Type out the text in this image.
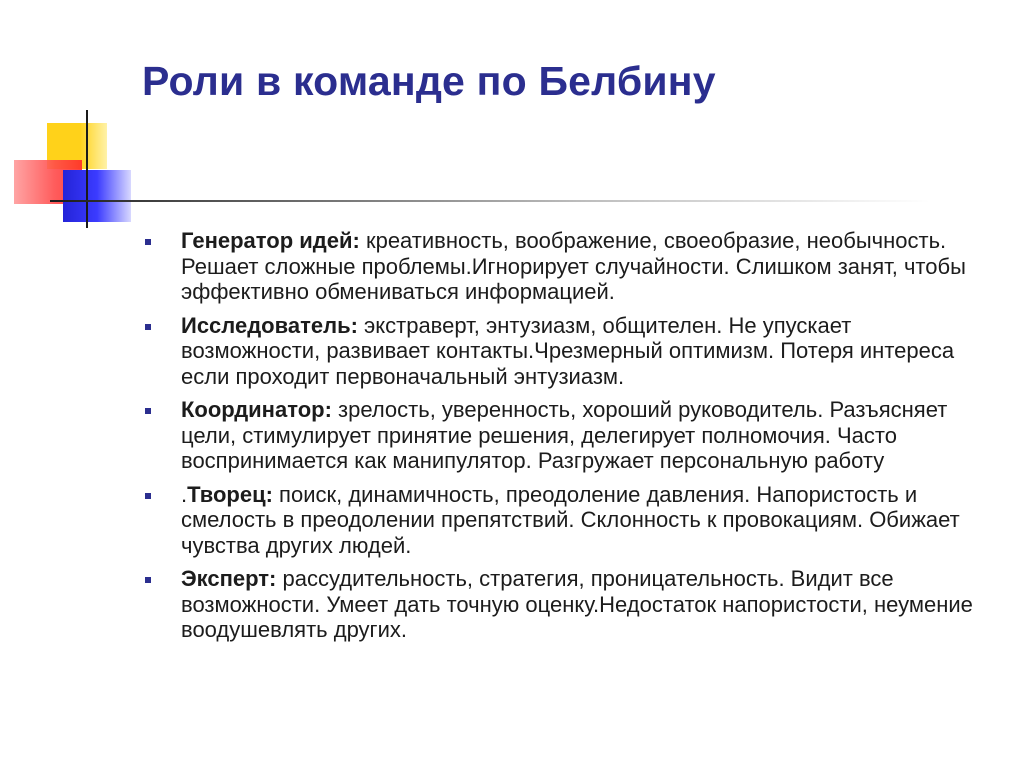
Роли в команде по Белбину
Генератор идей: креативность, воображение, своеобразие, необычность. Решает сложные проблемы.Игнорирует случайности. Слишком занят, чтобы эффективно обмениваться информацией.
Исследователь: экстраверт, энтузиазм, общителен. Не упускает возможности, развивает контакты.Чрезмерный оптимизм. Потеря интереса если проходит первоначальный энтузиазм.
Координатор: зрелость, уверенность, хороший руководитель. Разъясняет цели, стимулирует принятие решения, делегирует полномочия. Часто воспринимается как манипулятор. Разгружает персональную работу
.Творец: поиск, динамичность, преодоление давления. Напористость и смелость в преодолении препятствий. Склонность к провокациям. Обижает чувства других людей.
Эксперт: рассудительность, стратегия, проницательность. Видит все возможности. Умеет дать точную оценку.Недостаток напористости, неумение воодушевлять других.
